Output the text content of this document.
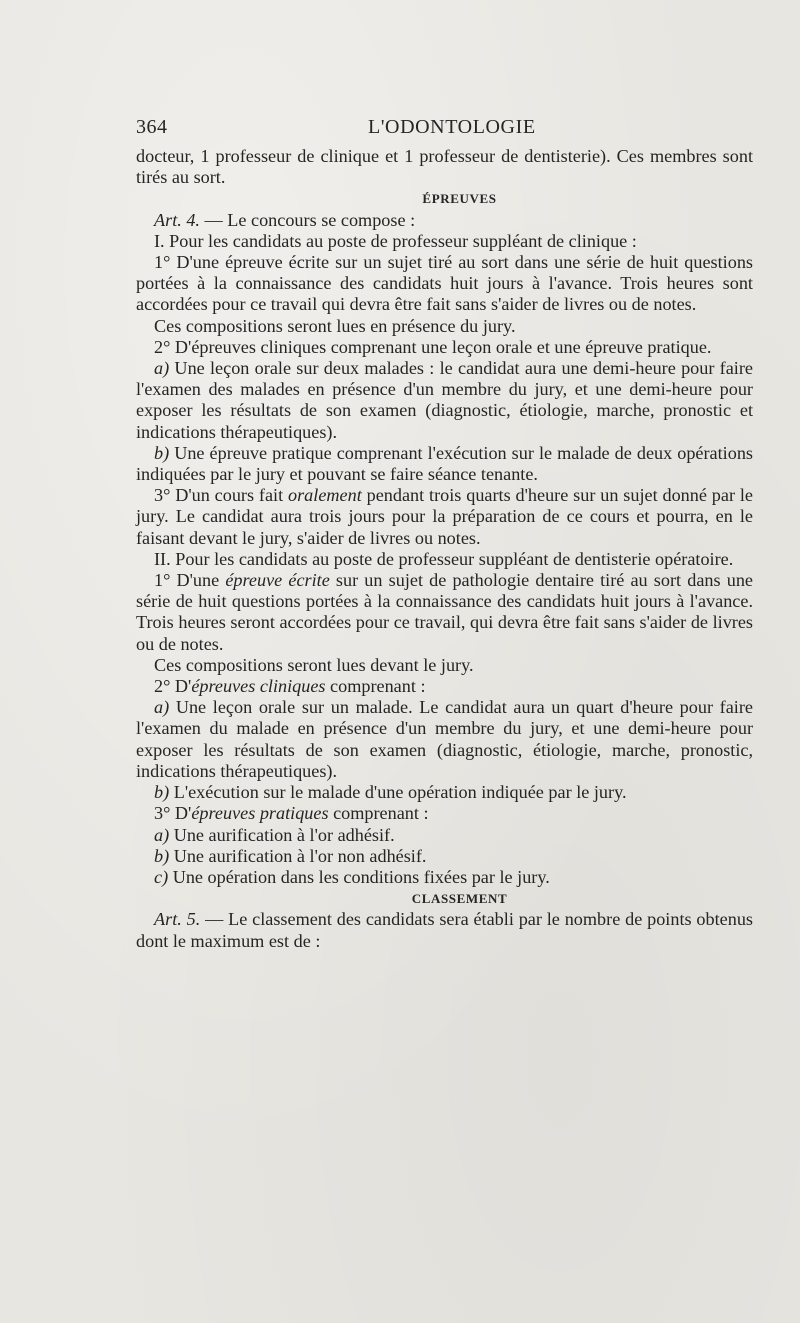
364	L'ODONTOLOGIE

docteur, 1 professeur de clinique et 1 professeur de dentisterie). Ces membres sont tirés au sort.

ÉPREUVES

Art. 4. — Le concours se compose :

I. Pour les candidats au poste de professeur suppléant de clinique :

1° D'une épreuve écrite sur un sujet tiré au sort dans une série de huit questions portées à la connaissance des candidats huit jours à l'avance. Trois heures sont accordées pour ce travail qui devra être fait sans s'aider de livres ou de notes.

Ces compositions seront lues en présence du jury.

2° D'épreuves cliniques comprenant une leçon orale et une épreuve pratique.

a) Une leçon orale sur deux malades : le candidat aura une demi-heure pour faire l'examen des malades en présence d'un membre du jury, et une demi-heure pour exposer les résultats de son examen (diagnostic, étiologie, marche, pronostic et indications thérapeutiques).

b) Une épreuve pratique comprenant l'exécution sur le malade de deux opérations indiquées par le jury et pouvant se faire séance tenante.

3° D'un cours fait oralement pendant trois quarts d'heure sur un sujet donné par le jury. Le candidat aura trois jours pour la préparation de ce cours et pourra, en le faisant devant le jury, s'aider de livres ou notes.

II. Pour les candidats au poste de professeur suppléant de dentisterie opératoire.

1° D'une épreuve écrite sur un sujet de pathologie dentaire tiré au sort dans une série de huit questions portées à la connaissance des candidats huit jours à l'avance. Trois heures seront accordées pour ce travail, qui devra être fait sans s'aider de livres ou de notes.

Ces compositions seront lues devant le jury.

2° D'épreuves cliniques comprenant :

a) Une leçon orale sur un malade. Le candidat aura un quart d'heure pour faire l'examen du malade en présence d'un membre du jury, et une demi-heure pour exposer les résultats de son examen (diagnostic, étiologie, marche, pronostic, indications thérapeutiques).

b) L'exécution sur le malade d'une opération indiquée par le jury.

3° D'épreuves pratiques comprenant :

a) Une aurification à l'or adhésif.

b) Une aurification à l'or non adhésif.

c) Une opération dans les conditions fixées par le jury.

CLASSEMENT

Art. 5. — Le classement des candidats sera établi par le nombre de points obtenus dont le maximum est de :
